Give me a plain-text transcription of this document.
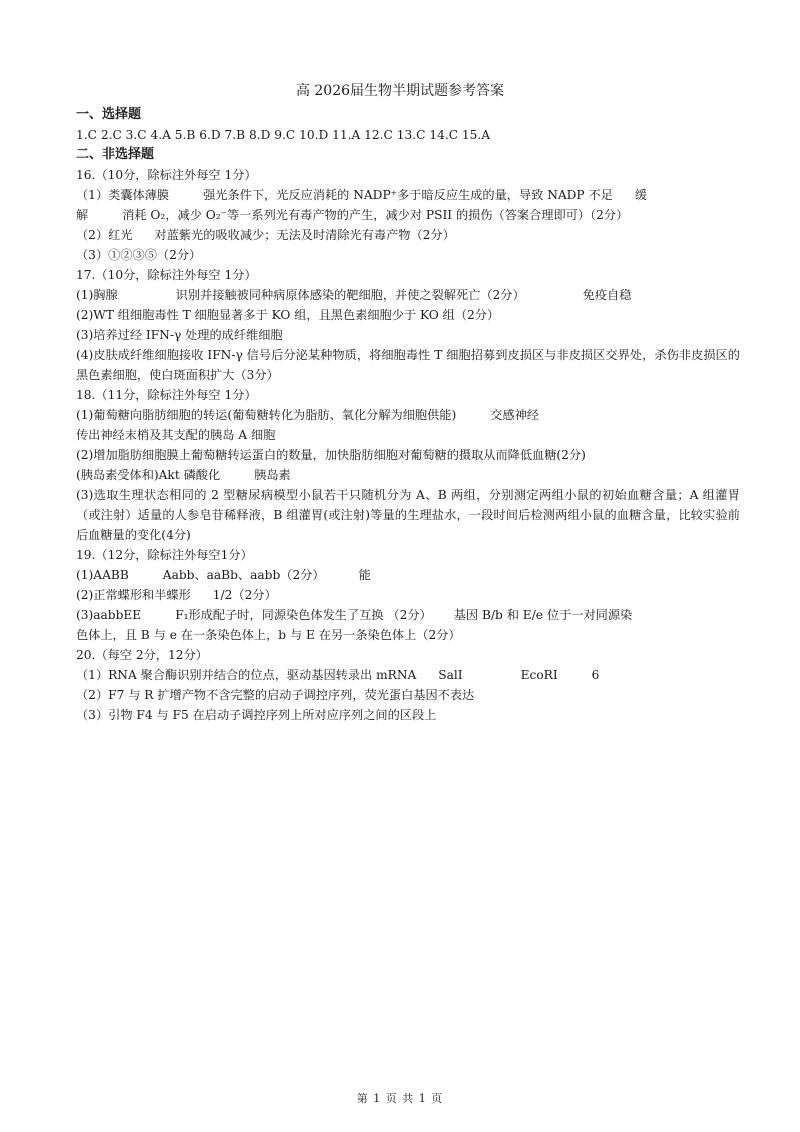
高 2026届生物半期试题参考答案
一、选择题
1.C 2.C 3.C 4.A 5.B 6.D 7.B 8.D 9.C 10.D 11.A 12.C 13.C 14.C 15.A
二、非选择题
16.（10分，除标注外每空 1分）
（1）类囊体薄膜	强光条件下，光反应消耗的 NADP⁺多于暗反应生成的量，导致 NADP 不足 缓
解	消耗 O₂，减少 O₂⁻等一系列光有毒产物的产生，减少对 PSII 的损伤（答案合理即可）（2分）
（2）红光 对蓝紫光的吸收减少；无法及时清除光有毒产物（2分）
（3）①②③⑤（2分）
17.（10分，除标注外每空 1分）
(1)胸腺	识别并接触被同种病原体感染的靶细胞，并使之裂解死亡（2分）	免疫自稳
(2)WT 组细胞毒性 T 细胞显著多于 KO 组，且黑色素细胞少于 KO 组（2分）
(3)培养过经 IFN-γ 处理的成纤维细胞
(4)皮肤成纤维细胞接收 IFN-γ 信号后分泌某种物质，将细胞毒性 T 细胞招募到皮损区与非皮损区交界处，杀伤非皮损区的黑色素细胞，使白斑面积扩大（3分）
18.（11分，除标注外每空 1分）
(1)葡萄糖向脂肪细胞的转运(葡萄糖转化为脂肪、氧化分解为细胞供能)	交感神经
传出神经末梢及其支配的胰岛 A 细胞
(2)增加脂肪细胞膜上葡萄糖转运蛋白的数量，加快脂肪细胞对葡萄糖的摄取从而降低血糖(2分)
(胰岛素受体和)Akt 磷酸化	胰岛素
(3)选取生理状态相同的 2 型糖尿病模型小鼠若干只随机分为 A、B 两组，分别测定两组小鼠的初始血糖含量；A 组灌胃（或注射）适量的人参皂苷稀释液，B 组灌胃(或注射)等量的生理盐水，一段时间后检测两组小鼠的血糖含量，比较实验前后血糖量的变化(4分)
19.（12分，除标注外每空1分）
(1)AABB	Aabb、aaBb、aabb（2分）	能
(2)正常蝶形和半蝶形 1/2（2分）
(3)aabbEE	F₁形成配子时，同源染色体发生了互换 （2分） 基因 B/b 和 E/e 位于一对同源染
色体上，且 B 与 e 在一条染色体上，b 与 E 在另一条染色体上（2分）
20.（每空 2分，12分）
（1）RNA 聚合酶识别并结合的位点，驱动基因转录出 mRNA SalI	EcoRI	6
（2）F7 与 R 扩增产物不含完整的启动子调控序列，荧光蛋白基因不表达
（3）引物 F4 与 F5 在启动子调控序列上所对应序列之间的区段上
第 1 页 共 1 页
